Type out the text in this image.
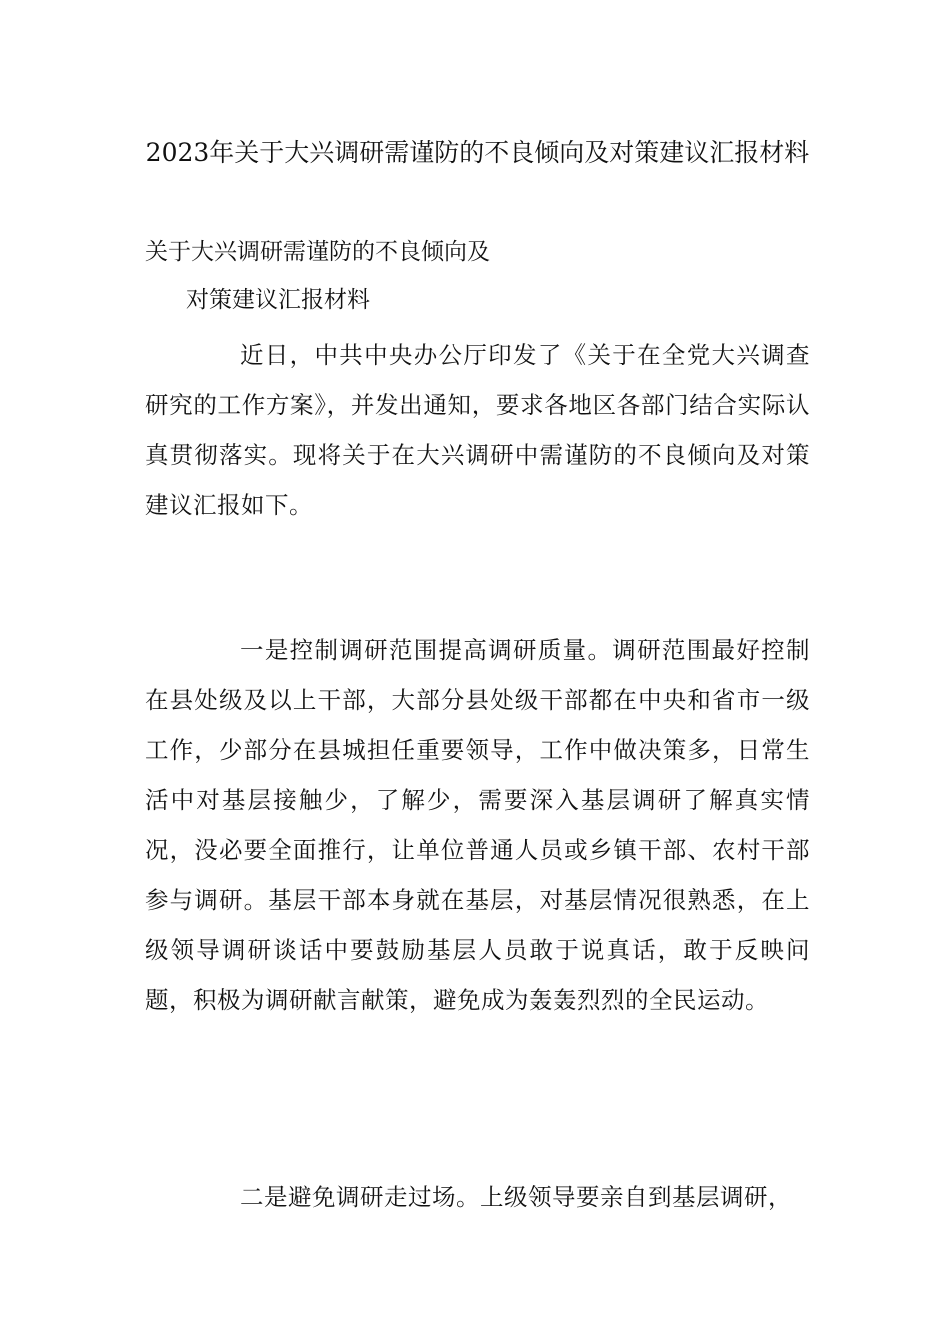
2023年关于大兴调研需谨防的不良倾向及对策建议汇报材料

关于大兴调研需谨防的不良倾向及

对策建议汇报材料

近日，中共中央办公厅印发了《关于在全党大兴调查研究的工作方案》，并发出通知，要求各地区各部门结合实际认真贯彻落实。现将关于在大兴调研中需谨防的不良倾向及对策建议汇报如下。

一是控制调研范围提高调研质量。调研范围最好控制在县处级及以上干部，大部分县处级干部都在中央和省市一级工作，少部分在县城担任重要领导，工作中做决策多，日常生活中对基层接触少，了解少，需要深入基层调研了解真实情况，没必要全面推行，让单位普通人员或乡镇干部、农村干部参与调研。基层干部本身就在基层，对基层情况很熟悉，在上级领导调研谈话中要鼓励基层人员敢于说真话，敢于反映问题，积极为调研献言献策，避免成为轰轰烈烈的全民运动。

二是避免调研走过场。上级领导要亲自到基层调研，
